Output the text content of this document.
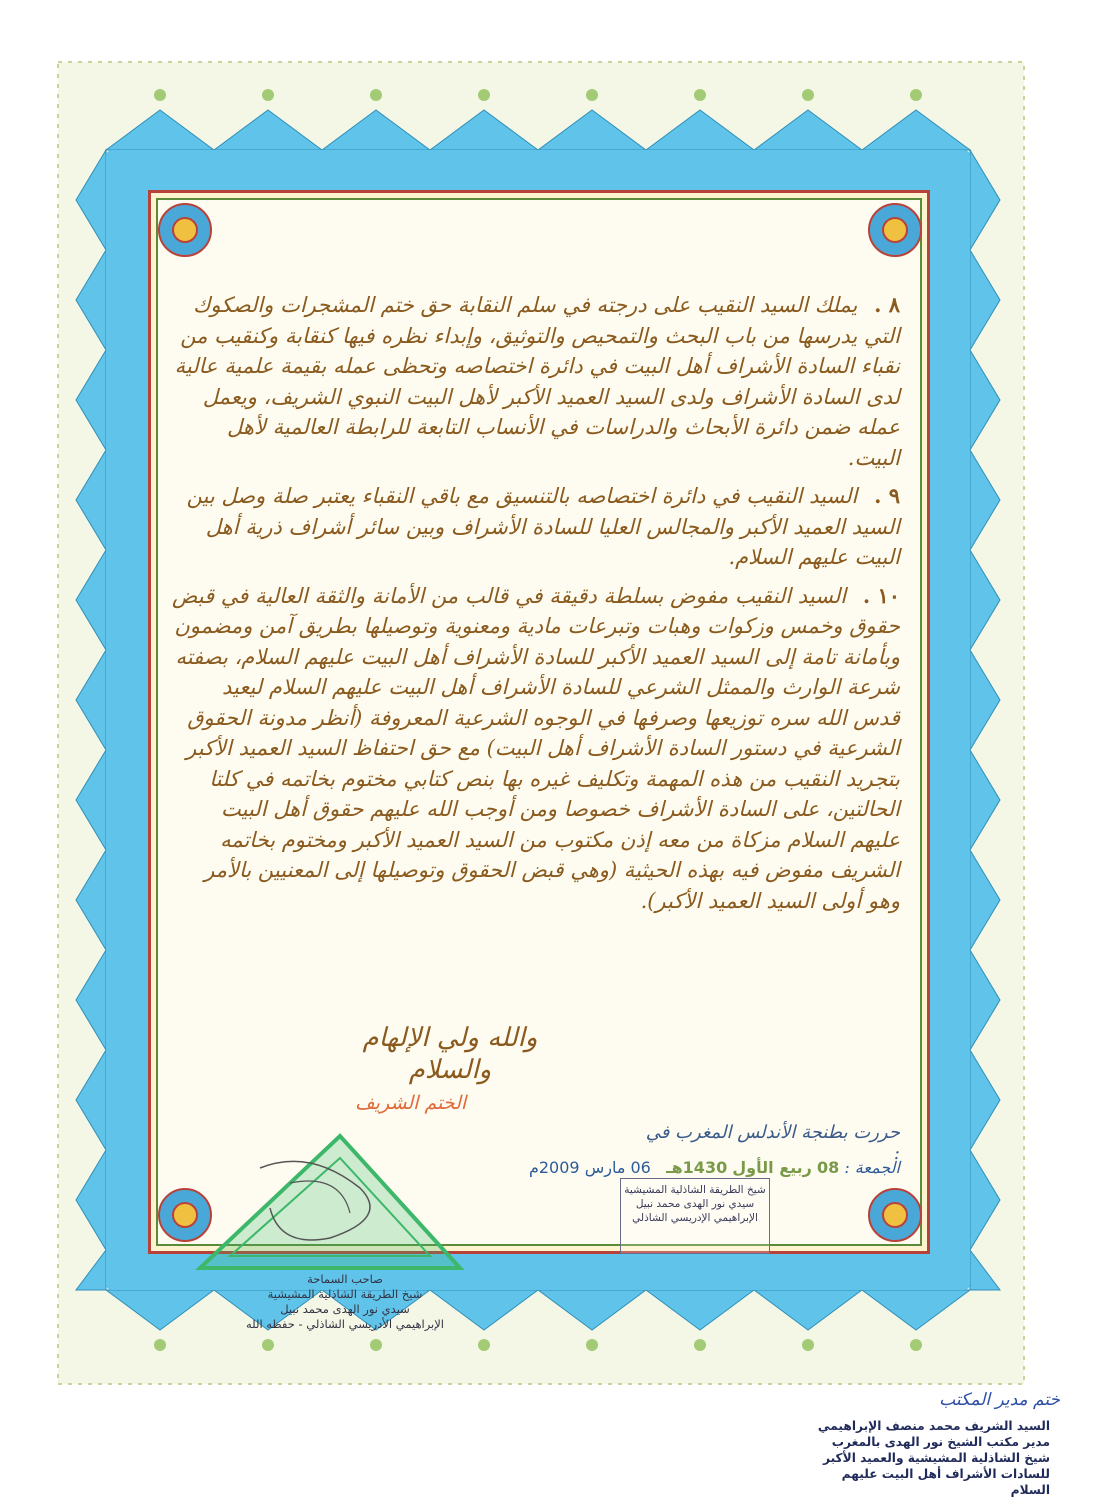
٨ . يملك السيد النقيب على درجته في سلم النقابة حق ختم المشجرات والصكوك التي يدرسها من باب البحث والتمحيص والتوثيق، وإبداء نظره فيها كنقابة وكنقيب من نقباء السادة الأشراف أهل البيت في دائرة اختصاصه وتحظى عمله بقيمة علمية عالية لدى السادة الأشراف ولدى السيد العميد الأكبر لأهل البيت النبوي الشريف، ويعمل عمله ضمن دائرة الأبحاث والدراسات في الأنساب التابعة للرابطة العالمية لأهل البيت.

٩ . السيد النقيب في دائرة اختصاصه بالتنسيق مع باقي النقباء يعتبر صلة وصل بين السيد العميد الأكبر والمجالس العليا للسادة الأشراف وبين سائر أشراف ذرية أهل البيت عليهم السلام.

١٠ . السيد النقيب مفوض بسلطة دقيقة في قالب من الأمانة والثقة العالية في قبض حقوق وخمس وزكوات وهبات وتبرعات مادية ومعنوية وتوصيلها بطريق آمن ومضمون وبأمانة تامة إلى السيد العميد الأكبر للسادة الأشراف أهل البيت عليهم السلام، بصفته شرعة الوارث والممثل الشرعي للسادة الأشراف أهل البيت عليهم السلام ليعيد قدس الله سره توزيعها وصرفها في الوجوه الشرعية المعروفة (أنظر مدونة الحقوق الشرعية في دستور السادة الأشراف أهل البيت) مع حق احتفاظ السيد العميد الأكبر بتجريد النقيب من هذه المهمة وتكليف غيره بها بنص كتابي مختوم بخاتمه في كلتا الحالتين، على السادة الأشراف خصوصا ومن أوجب الله عليهم حقوق أهل البيت عليهم السلام مزكاة من معه إذن مكتوب من السيد العميد الأكبر ومختوم بخاتمه الشريف مفوض فيه بهذه الحيثية (وهي قبض الحقوق وتوصيلها إلى المعنيين بالأمر وهو أولى السيد العميد الأكبر).

والله ولي الإلهام
والسلام
الختم الشريف
حررت بطنجة الأندلس المغرب في :
الجمعة : 08 ربيع الأول 1430هـ   06 مارس 2009م
صاحب السماحة
شيخ الطريقة الشاذلية المشيشية
سيدي نور الهدى محمد نبيل
الإبراهيمي الأدريسي الشاذلي - حفظه الله
شيخ الطريقة الشاذلية المشيشية
سيدي نور الهدى محمد نبيل
الإبراهيمي الإدريسي الشاذلي
ختم مدير المكتب
السيد الشريف محمد منصف الإبراهيمي
مدير مكتب الشيخ نور الهدى بالمغرب
شيخ الشاذلية المشيشية والعميد الأكبر
للسادات الأشراف أهل البيت عليهم السلام
